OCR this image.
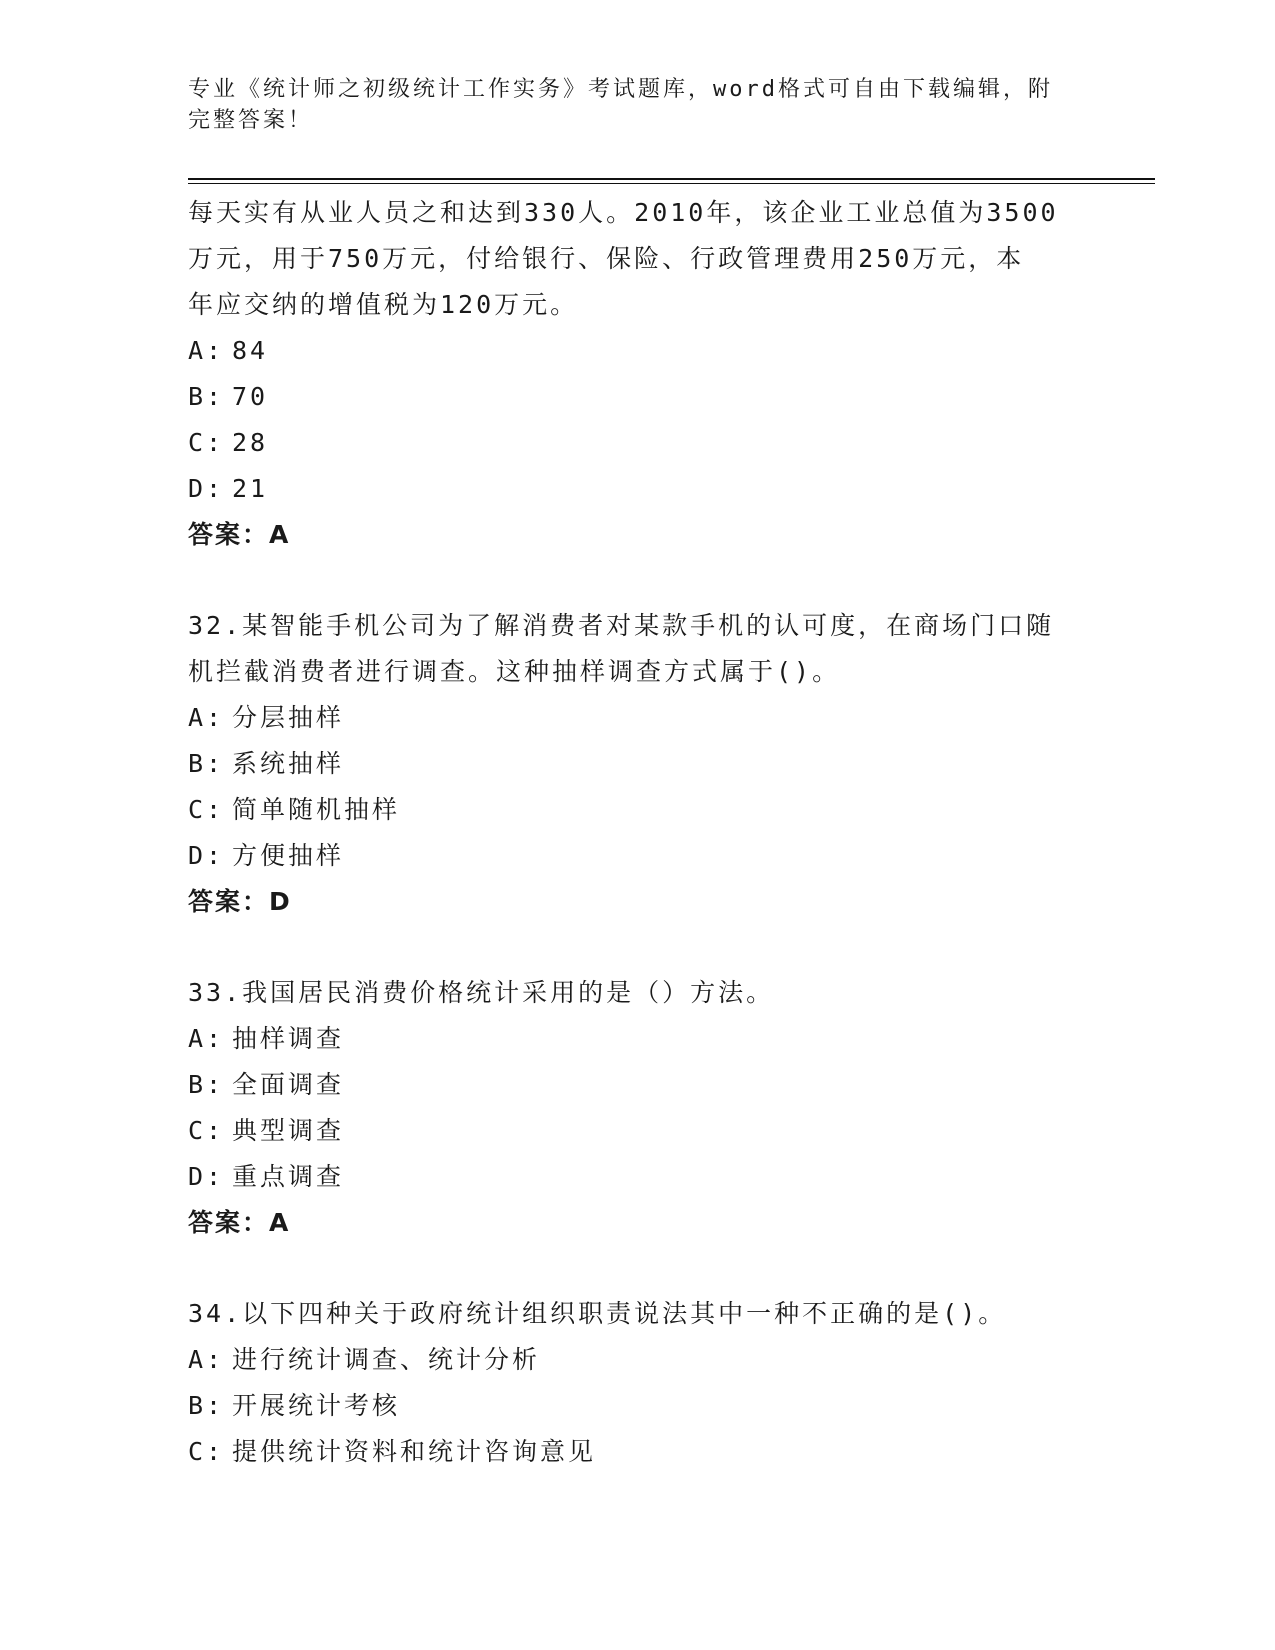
专业《统计师之初级统计工作实务》考试题库，word格式可自由下载编辑，附完整答案！
每天实有从业人员之和达到330人。2010年，该企业工业总值为3500
万元，用于750万元，付给银行、保险、行政管理费用250万元，本
年应交纳的增值税为120万元。
A: 84
B: 70
C: 28
D: 21
答案：A
32.某智能手机公司为了解消费者对某款手机的认可度，在商场门口随
机拦截消费者进行调查。这种抽样调查方式属于()。
A: 分层抽样
B: 系统抽样
C: 简单随机抽样
D: 方便抽样
答案：D
33.我国居民消费价格统计采用的是（）方法。
A: 抽样调查
B: 全面调查
C: 典型调查
D: 重点调查
答案：A
34.以下四种关于政府统计组织职责说法其中一种不正确的是()。
A: 进行统计调查、统计分析
B: 开展统计考核
C: 提供统计资料和统计咨询意见
